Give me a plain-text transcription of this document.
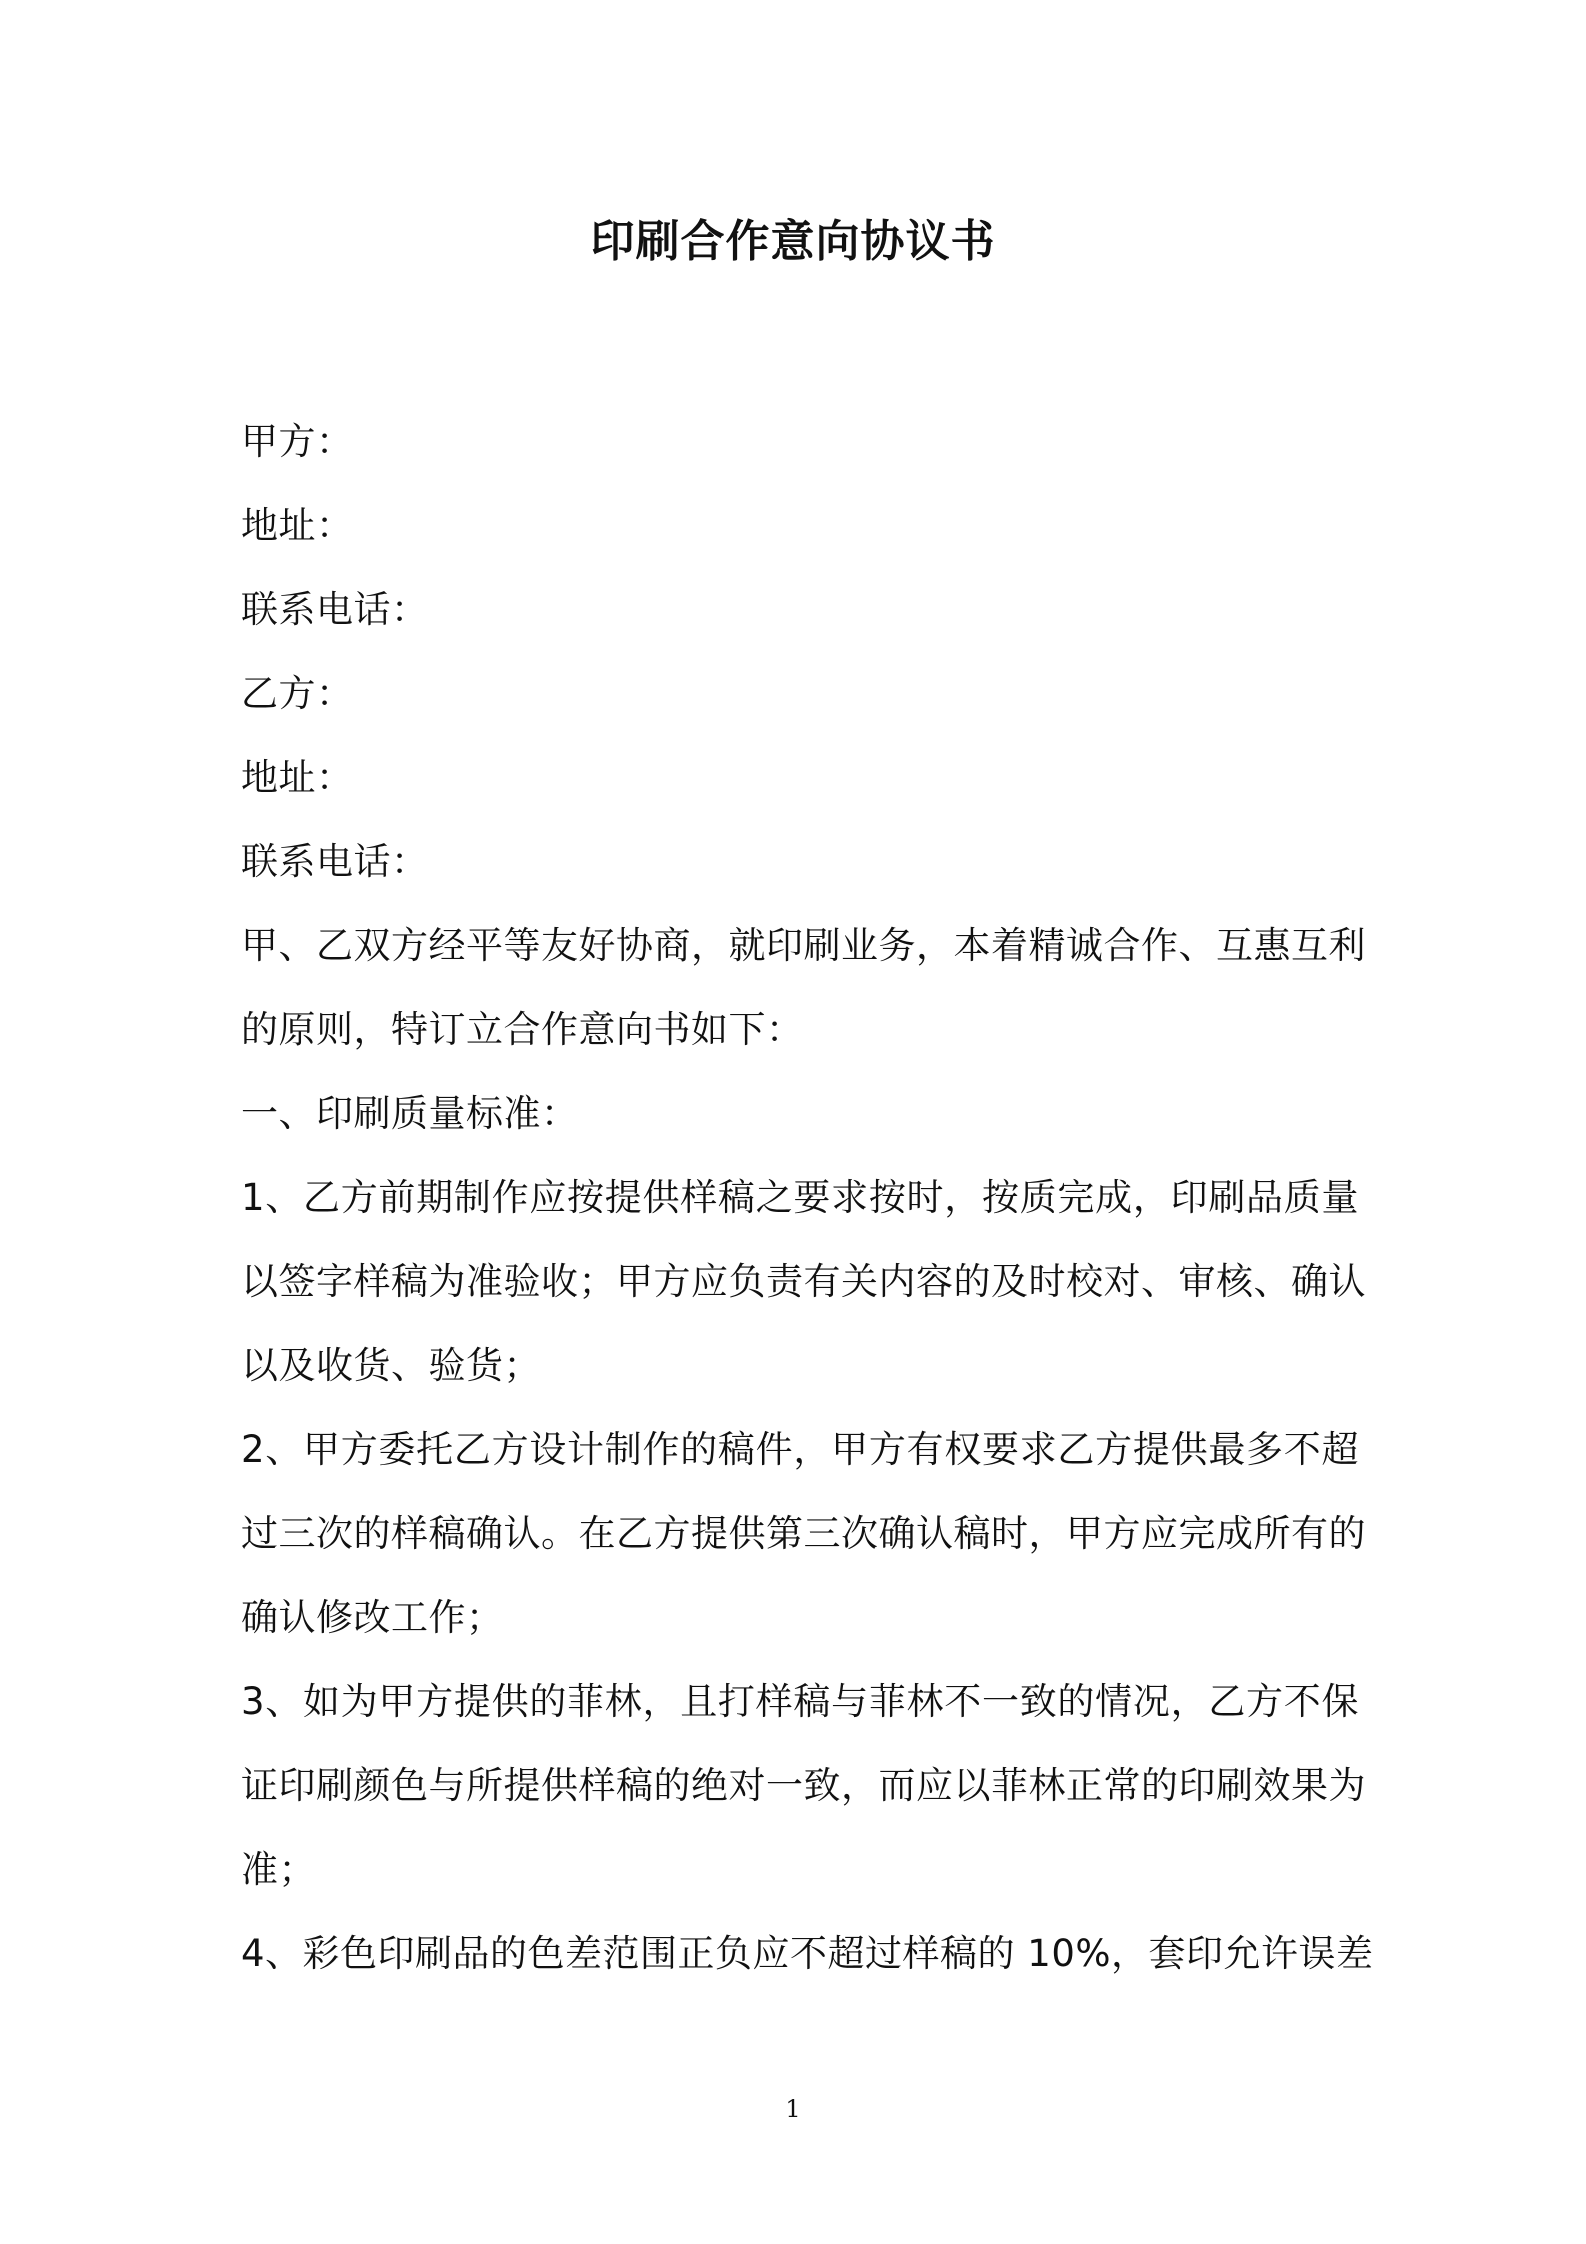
印刷合作意向协议书
甲方：
地址：
联系电话：
乙方：
地址：
联系电话：
甲、乙双方经平等友好协商，就印刷业务，本着精诚合作、互惠互利
的原则，特订立合作意向书如下：
一、印刷质量标准：
1、乙方前期制作应按提供样稿之要求按时，按质完成，印刷品质量
以签字样稿为准验收；甲方应负责有关内容的及时校对、审核、确认
以及收货、验货；
2、甲方委托乙方设计制作的稿件，甲方有权要求乙方提供最多不超
过三次的样稿确认。在乙方提供第三次确认稿时，甲方应完成所有的
确认修改工作；
3、如为甲方提供的菲林，且打样稿与菲林不一致的情况，乙方不保
证印刷颜色与所提供样稿的绝对一致，而应以菲林正常的印刷效果为
准；
4、彩色印刷品的色差范围正负应不超过样稿的 10%，套印允许误差
1
